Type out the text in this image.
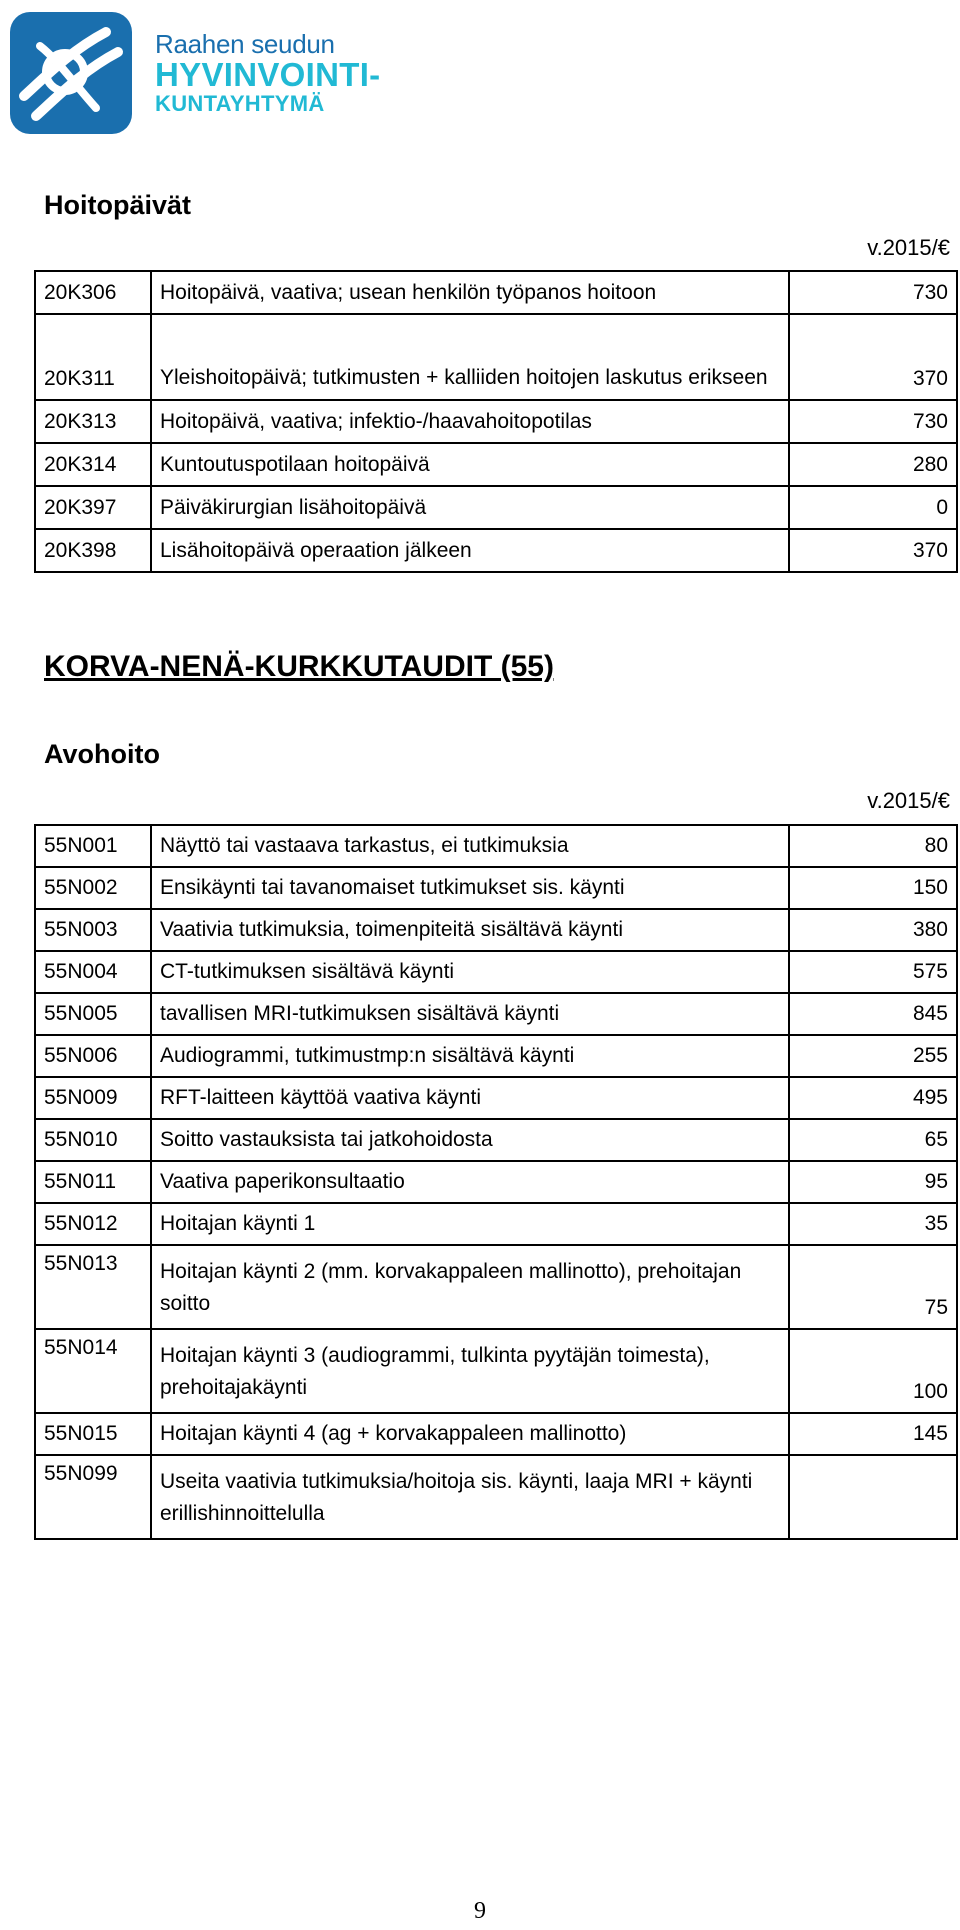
Raahen seudun
HYVINVOINTI-
KUNTAYHTYMÄ
Hoitopäivät
v.2015/€
20K306	Hoitopäivä, vaativa; usean henkilön työpanos hoitoon	730
20K311	Yleishoitopäivä; tutkimusten + kalliiden hoitojen laskutus erikseen	370
20K313	Hoitopäivä, vaativa; infektio-/haavahoitopotilas	730
20K314	Kuntoutuspotilaan hoitopäivä	280
20K397	Päiväkirurgian lisähoitopäivä	0
20K398	Lisähoitopäivä operaation jälkeen	370
KORVA-NENÄ-KURKKUTAUDIT (55)
Avohoito
v.2015/€
55N001	Näyttö tai vastaava tarkastus, ei tutkimuksia	80
55N002	Ensikäynti tai tavanomaiset tutkimukset sis. käynti	150
55N003	Vaativia tutkimuksia, toimenpiteitä sisältävä käynti	380
55N004	CT-tutkimuksen sisältävä käynti	575
55N005	tavallisen MRI-tutkimuksen sisältävä käynti	845
55N006	Audiogrammi, tutkimustmp:n sisältävä käynti	255
55N009	RFT-laitteen käyttöä vaativa käynti	495
55N010	Soitto vastauksista tai jatkohoidosta	65
55N011	Vaativa paperikonsultaatio	95
55N012	Hoitajan käynti 1	35
55N013	Hoitajan käynti 2 (mm. korvakappaleen mallinotto), prehoitajan soitto	75
55N014	Hoitajan käynti 3 (audiogrammi, tulkinta pyytäjän toimesta), prehoitajakäynti	100
55N015	Hoitajan käynti 4 (ag + korvakappaleen mallinotto)	145
55N099	Useita vaativia tutkimuksia/hoitoja sis. käynti, laaja MRI + käynti erillishinnoittelulla	
9
